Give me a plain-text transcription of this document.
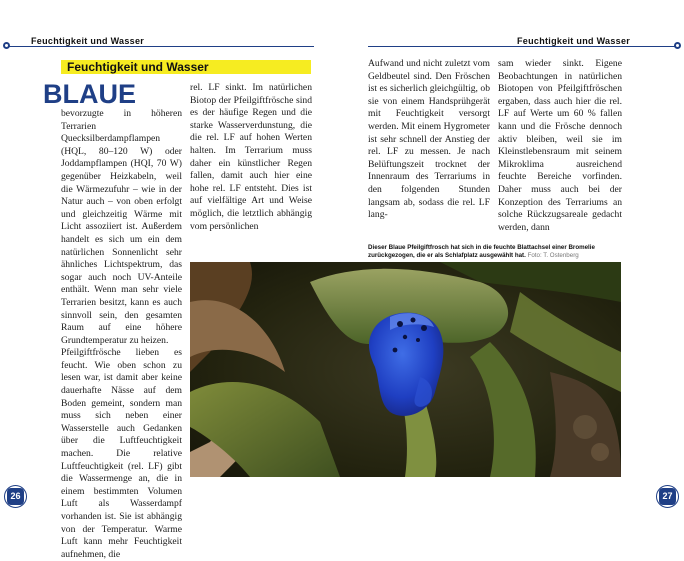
Feuchtigkeit und Wasser	Feuchtigkeit und Wasser
Feuchtigkeit und Wasser

BLAUE
bevorzugte in höheren Terrarien Quecksilberdampflampen (HQL, 80–120 W) oder Joddampflampen (HQI, 70 W) gegenüber Heizkabeln, weil die Wärmezufuhr – wie in der Natur auch – von oben erfolgt und gleichzeitig Wärme mit Licht assoziiert ist. Außerdem handelt es sich um ein dem natürlichen Sonnenlicht sehr ähnliches Lichtspektrum, das sogar auch noch UV-Anteile enthält. Wenn man sehr viele Terrarien besitzt, kann es auch sinnvoll sein, den gesamten Raum auf eine höhere Grundtemperatur zu heizen.

Pfeilgiftfrösche lieben es feucht. Wie oben schon zu lesen war, ist damit aber keine dauerhafte Nässe auf dem Boden gemeint, sondern man muss sich neben einer Wasserstelle auch Gedanken über die Luftfeuchtigkeit machen. Die relative Luftfeuchtigkeit (rel. LF) gibt die Wassermenge an, die in einem bestimmten Volumen Luft als Wasserdampf vorhanden ist. Sie ist abhängig von der Temperatur. Warme Luft kann mehr Feuchtigkeit aufnehmen, die

rel. LF sinkt. Im natürlichen Biotop der Pfeilgiftfrösche sind es der häufige Regen und die starke Wasserverdunstung, die die rel. LF auf hohen Werten halten. Im Terrarium muss daher ein künstlicher Regen fallen, damit auch hier eine hohe rel. LF entsteht. Dies ist auf vielfältige Art und Weise möglich, die letztlich abhängig vom persönlichen

Aufwand und nicht zuletzt vom Geldbeutel sind. Den Fröschen ist es sicherlich gleichgültig, ob sie von einem Handsprühgerät mit Feuchtigkeit versorgt werden. Mit einem Hygrometer ist sehr schnell der Anstieg der rel. LF zu messen. Je nach Belüftungszeit trocknet der Innenraum des Terrariums in den folgenden Stunden langsam ab, sodass die rel. LF lang-

sam wieder sinkt. Eigene Beobachtungen in natürlichen Biotopen von Pfeilgiftfröschen ergaben, dass auch hier die rel. LF auf Werte um 60 % fallen kann und die Frösche dennoch aktiv bleiben, weil sie im Kleinstlebensraum mit seinem Mikroklima ausreichend feuchte Bereiche vorfinden. Daher muss auch bei der Konzeption des Terrariums an solche Rückzugsareale gedacht werden, dann

Dieser Blaue Pfeilgiftfrosch hat sich in die feuchte Blattachsel einer Bromelie zurückgezogen, die er als Schlafplatz ausgewählt hat. Foto: T. Ostenberg
26	27
